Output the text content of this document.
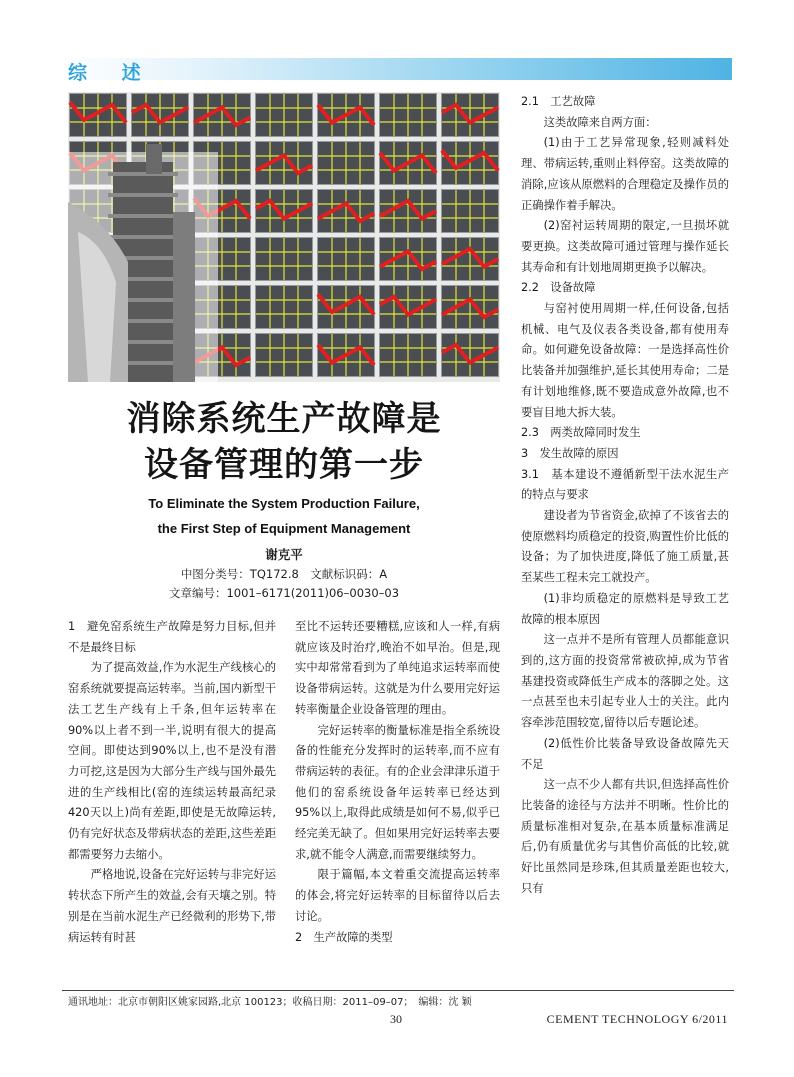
综 述
消除系统生产故障是
设备管理的第一步
To Eliminate the System Production Failure,
the First Step of Equipment Management
谢克平
中图分类号：TQ172.8　文献标识码：A
文章编号：1001–6171(2011)06–0030–03

1　避免窑系统生产故障是努力目标,但并不是最终目标

为了提高效益,作为水泥生产线核心的窑系统就要提高运转率。当前,国内新型干法工艺生产线有上千条,但年运转率在90%以上者不到一半,说明有很大的提高空间。即使达到90%以上,也不是没有潜力可挖,这是因为大部分生产线与国外最先进的生产线相比(窑的连续运转最高纪录420天以上)尚有差距,即使是无故障运转,仍有完好状态及带病状态的差距,这些差距都需要努力去缩小。

严格地说,设备在完好运转与非完好运转状态下所产生的效益,会有天壤之别。特别是在当前水泥生产已经微利的形势下,带病运转有时甚

至比不运转还要糟糕,应该和人一样,有病就应该及时治疗,晚治不如早治。但是,现实中却常常看到为了单纯追求运转率而使设备带病运转。这就是为什么要用完好运转率衡量企业设备管理的理由。

完好运转率的衡量标准是指全系统设备的性能充分发挥时的运转率,而不应有带病运转的表征。有的企业会津津乐道于他们的窑系统设备年运转率已经达到95%以上,取得此成绩是如何不易,似乎已经完美无缺了。但如果用完好运转率去要求,就不能令人满意,而需要继续努力。

限于篇幅,本文着重交流提高运转率的体会,将完好运转率的目标留待以后去讨论。

2　生产故障的类型

2.1　工艺故障

这类故障来自两方面：

(1)由于工艺异常现象,轻则减料处理、带病运转,重则止料停窑。这类故障的消除,应该从原燃料的合理稳定及操作员的正确操作着手解决。

(2)窑衬运转周期的限定,一旦损坏就要更换。这类故障可通过管理与操作延长其寿命和有计划地周期更换予以解决。

2.2　设备故障

与窑衬使用周期一样,任何设备,包括机械、电气及仪表各类设备,都有使用寿命。如何避免设备故障：一是选择高性价比装备并加强维护,延长其使用寿命；二是有计划地维修,既不要造成意外故障,也不要盲目地大拆大装。

2.3　两类故障同时发生

3　发生故障的原因

3.1　基本建设不遵循新型干法水泥生产的特点与要求

建设者为节省资金,砍掉了不该省去的使原燃料均质稳定的投资,购置性价比低的设备；为了加快进度,降低了施工质量,甚至某些工程未完工就投产。

(1)非均质稳定的原燃料是导致工艺故障的根本原因

这一点并不是所有管理人员都能意识到的,这方面的投资常常被砍掉,成为节省基建投资或降低生产成本的落脚之处。这一点甚至也未引起专业人士的关注。此内容牵涉范围较宽,留待以后专题论述。

(2)低性价比装备导致设备故障先天不足

这一点不少人都有共识,但选择高性价比装备的途径与方法并不明晰。性价比的质量标准相对复杂,在基本质量标准满足后,仍有质量优劣与其售价高低的比较,就好比虽然同是珍珠,但其质量差距也较大,只有

通讯地址：北京市朝阳区姚家园路,北京 100123；收稿日期：2011–09–07；　编辑：沈 颖
30	CEMENT TECHNOLOGY 6/2011
